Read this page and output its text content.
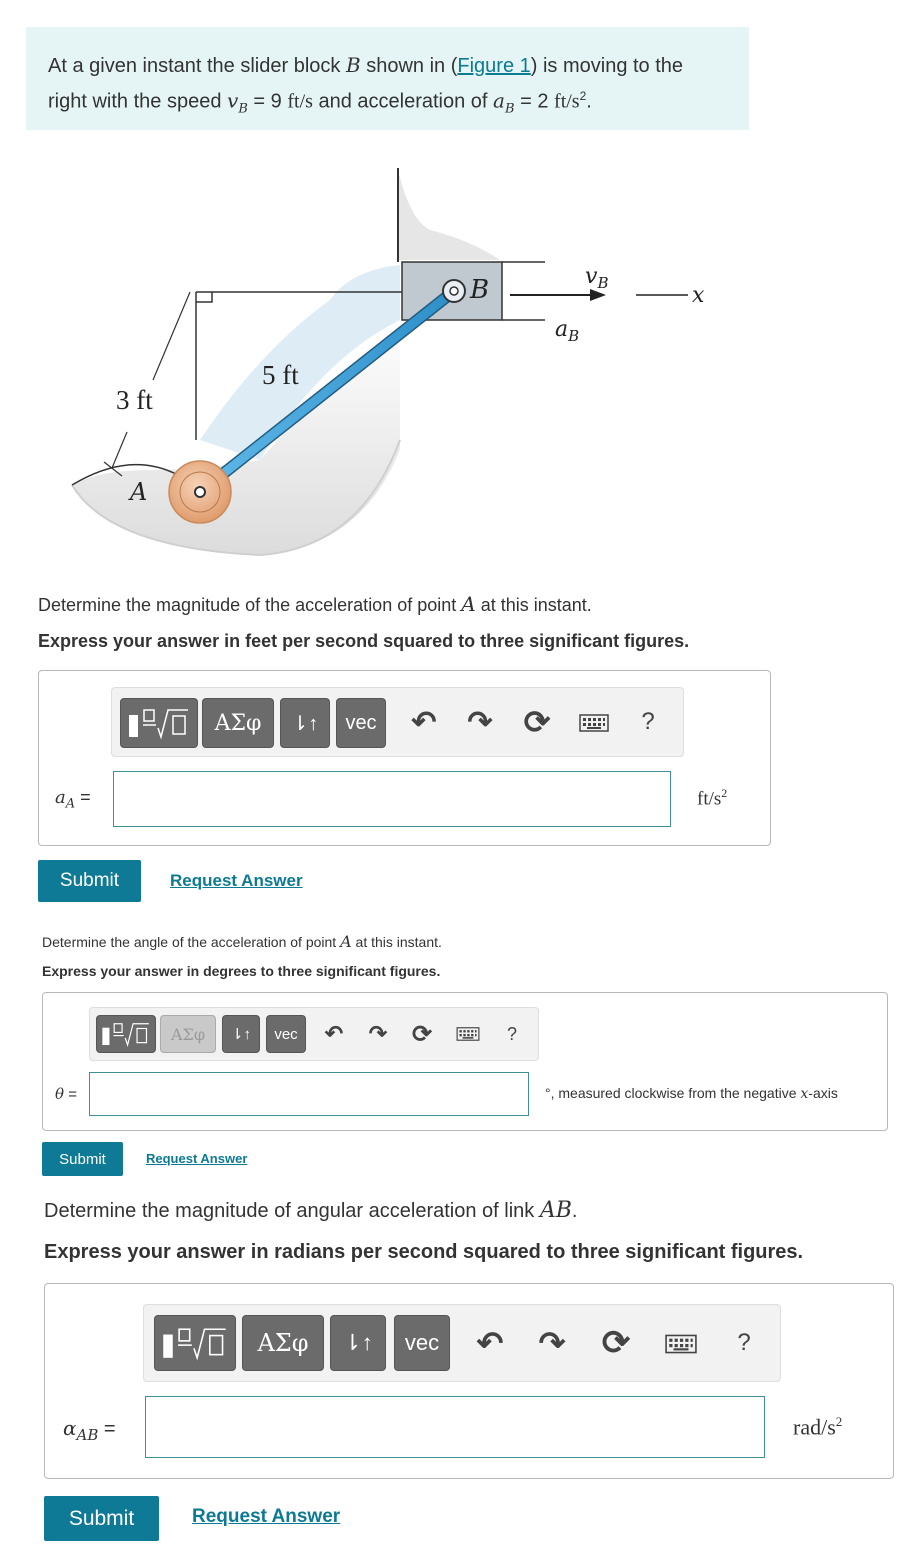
At a given instant the slider block B shown in (Figure 1) is moving to the right with the speed $v_B = 9$ ft/s and acceleration of $a_B = 2$ $ft/s^2$.
$v_B$	x
$a_B$
B
A
5 ft
3 ft
Determine the magnitude of the acceleration of point A at this instant.
Express your answer in feet per second squared to three significant figures.
ΑΣφ	⇂↑	vec	↶ ↷ ⟳	?
$a_A$ =	$ft/s^2$
Submit	Request Answer
Determine the angle of the acceleration of point A at this instant.
Express your answer in degrees to three significant figures.
ΑΣφ	⇂↑	vec	↶	↷ ⟳	?
θ =	°, measured clockwise from the negative x-axis
Submit	Request Answer
Determine the magnitude of angular acceleration of link AB.
Express your answer in radians per second squared to three significant figures.
ΑΣφ	⇂↑	vec	↶ ↷ ⟳	?
$\alpha_{AB}$ =	rad/$s^2$
Submit	Request Answer
